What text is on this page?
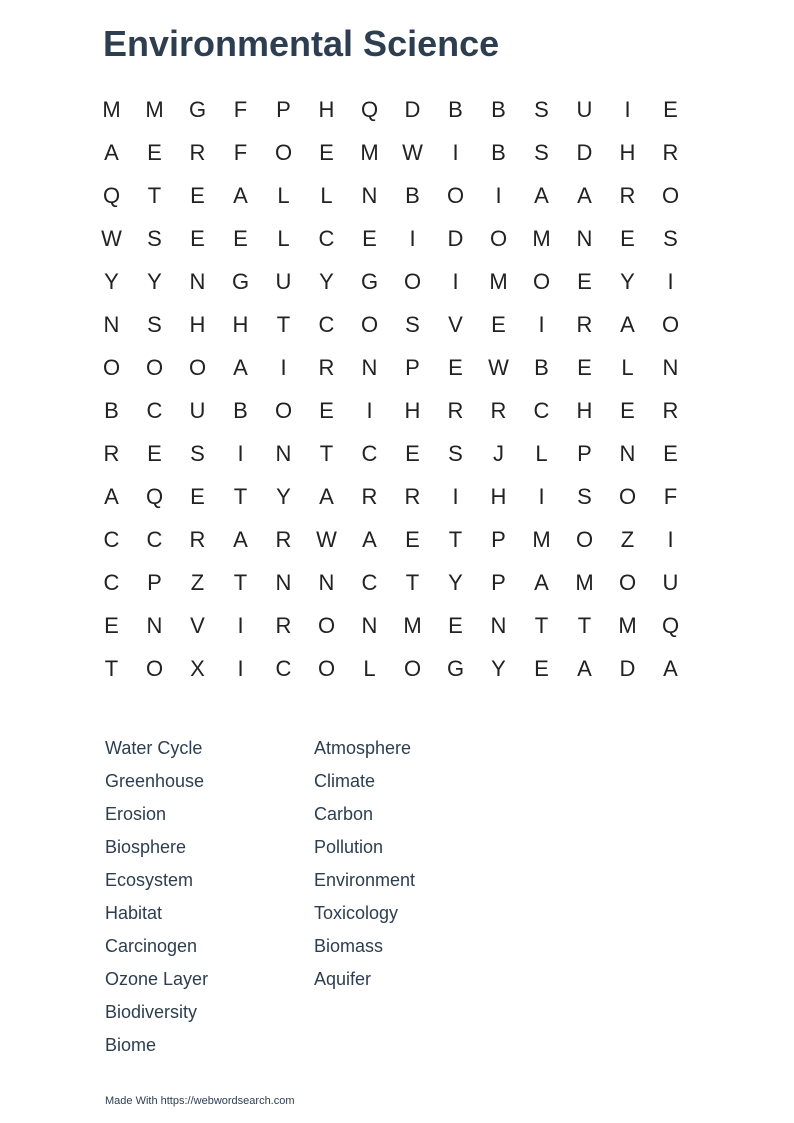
Environmental Science
M	M	G	F	P	H	Q	D	B	B	S	U	I	E
A	E	R	F	O	E	M	W	I	B	S	D	H	R
Q	T	E	A	L	L	N	B	O	I	A	A	R	O
W	S	E	E	L	C	E	I	D	O	M	N	E	S
Y	Y	N	G	U	Y	G	O	I	M	O	E	Y	I
N	S	H	H	T	C	O	S	V	E	I	R	A	O
O	O	O	A	I	R	N	P	E	W	B	E	L	N
B	C	U	B	O	E	I	H	R	R	C	H	E	R
R	E	S	I	N	T	C	E	S	J	L	P	N	E
A	Q	E	T	Y	A	R	R	I	H	I	S	O	F
C	C	R	A	R	W	A	E	T	P	M	O	Z	I
C	P	Z	T	N	N	C	T	Y	P	A	M	O	U
E	N	V	I	R	O	N	M	E	N	T	T	M	Q
T	O	X	I	C	O	L	O	G	Y	E	A	D	A
Water Cycle
Greenhouse
Erosion
Biosphere
Ecosystem
Habitat
Carcinogen
Ozone Layer
Biodiversity
Biome
Atmosphere
Climate
Carbon
Pollution
Environment
Toxicology
Biomass
Aquifer
Made With https://webwordsearch.com
